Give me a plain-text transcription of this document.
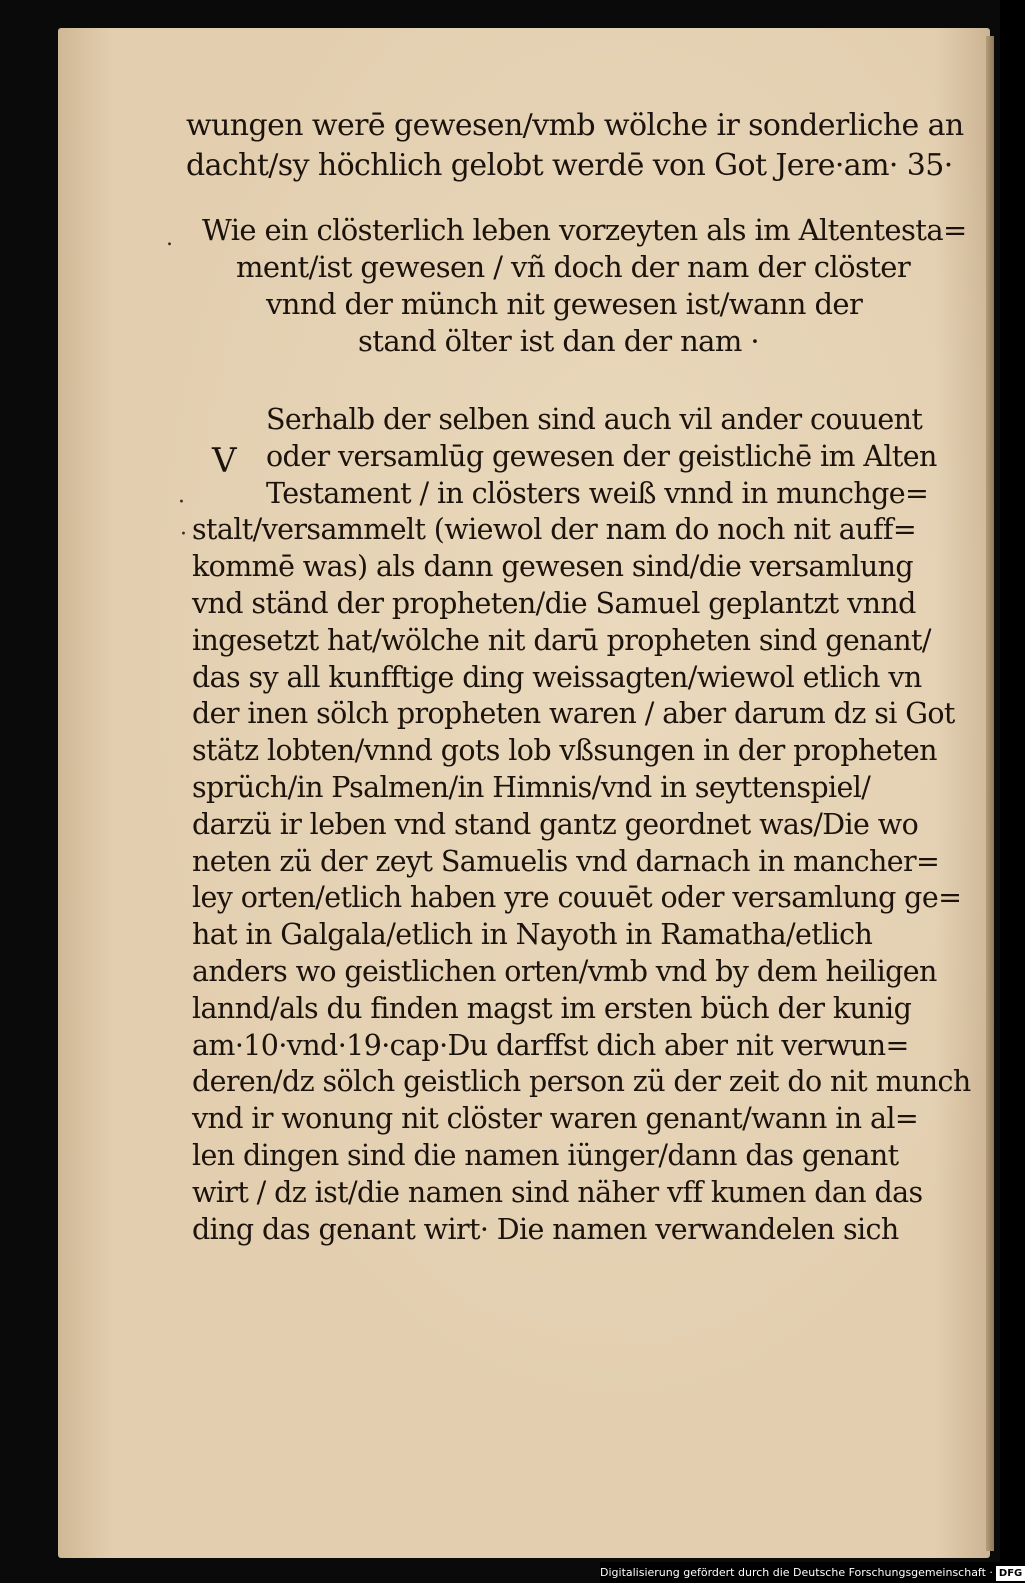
wungen werē gewesen/vmb wölche ir sonderliche an
dacht/sy höchlich gelobt werdē von Got Jere·am· 35·
.	Wie ein clösterlich leben vorzeyten als im Altentesta=
ment/ist gewesen / vñ doch der nam der clöster
vnnd der münch nit gewesen ist/wann der
stand ölter ist dan der nam ·
V
Serhalb der selben sind auch vil ander couuent
oder versamlūg gewesen der geistlichē im Alten
Testament / in clösters weiß vnnd in munchge=
stalt/versammelt (wiewol der nam do noch nit auff=
kommē was) als dann gewesen sind/die versamlung
vnd ständ der propheten/die Samuel geplantzt vnnd
ingesetzt hat/wölche nit darū propheten sind genant/
das sy all kunfftige ding weissagten/wiewol etlich vn
der inen sölch propheten waren / aber darum dz si Got
stätz lobten/vnnd gots lob vßsungen in der propheten
sprüch/in Psalmen/in Himnis/vnd in seyttenspiel/
darzü ir leben vnd stand gantz geordnet was/Die wo
neten zü der zeyt Samuelis vnd darnach in mancher=
ley orten/etlich haben yre couuēt oder versamlung ge=
hat in Galgala/etlich in Nayoth in Ramatha/etlich
anders wo geistlichen orten/vmb vnd by dem heiligen
lannd/als du finden magst im ersten büch der kunig
am·10·vnd·19·cap·Du darffst dich aber nit verwun=
deren/dz sölch geistlich person zü der zeit do nit munch
vnd ir wonung nit clöster waren genant/wann in al=
len dingen sind die namen iünger/dann das genant
wirt / dz ist/die namen sind näher vff kumen dan das
ding das genant wirt· Die namen verwandelen sich
·
·
Digitalisierung gefördert durch die Deutsche Forschungsgemeinschaft · DFG
